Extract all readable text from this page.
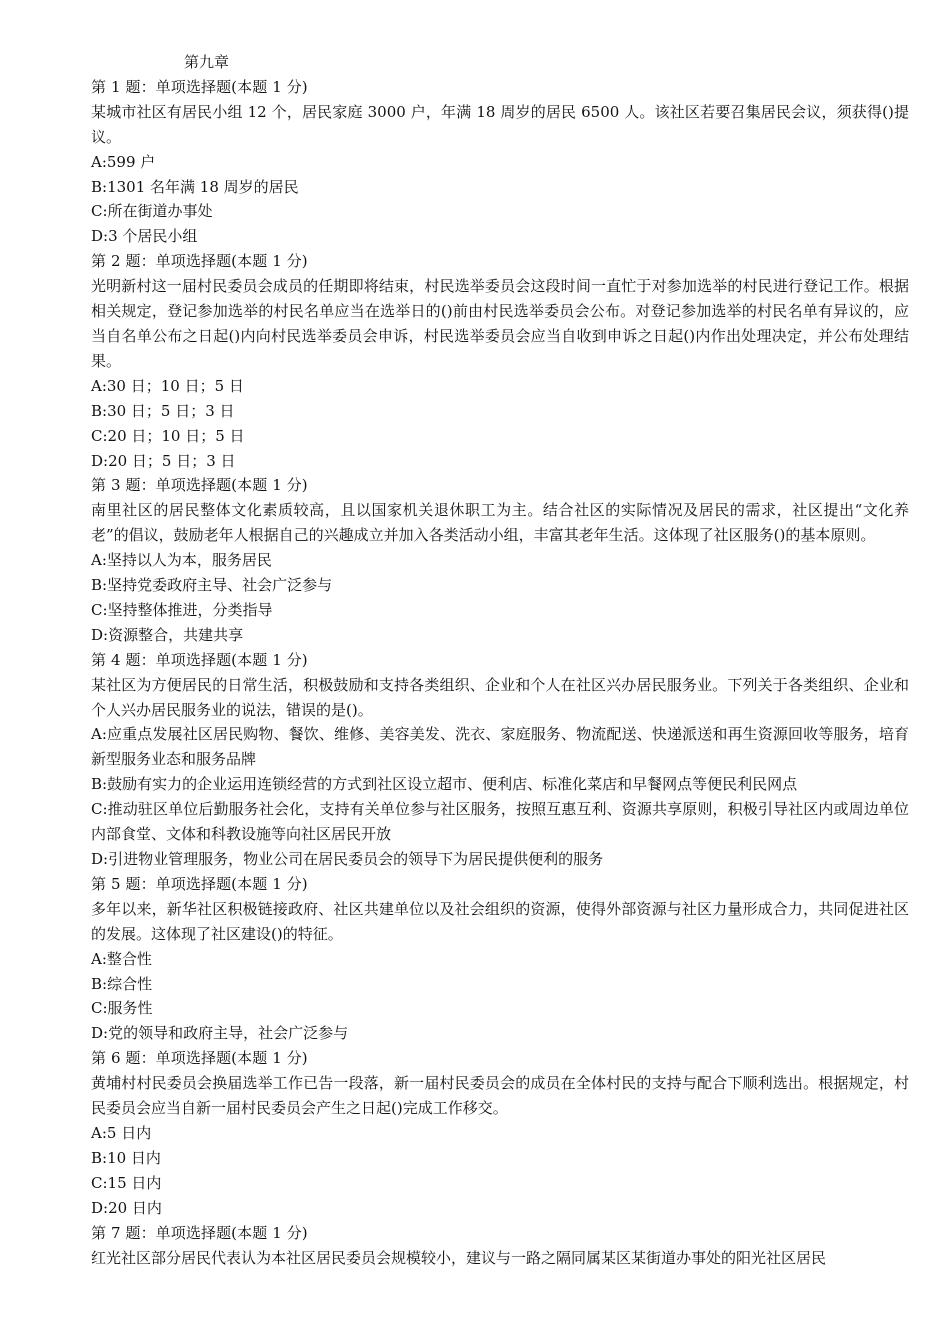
第九章

第 1 题：单项选择题(本题 1 分)

某城市社区有居民小组 12 个，居民家庭 3000 户，年满 18 周岁的居民 6500 人。该社区若要召集居民会议，须获得()提议。

A:599 户

B:1301 名年满 18 周岁的居民

C:所在街道办事处

D:3 个居民小组

第 2 题：单项选择题(本题 1 分)

光明新村这一届村民委员会成员的任期即将结束，村民选举委员会这段时间一直忙于对参加选举的村民进行登记工作。根据相关规定，登记参加选举的村民名单应当在选举日的()前由村民选举委员会公布。对登记参加选举的村民名单有异议的，应当自名单公布之日起()内向村民选举委员会申诉，村民选举委员会应当自收到申诉之日起()内作出处理决定，并公布处理结果。

A:30 日；10 日；5 日

B:30 日；5 日；3 日

C:20 日；10 日；5 日

D:20 日；5 日；3 日

第 3 题：单项选择题(本题 1 分)

南里社区的居民整体文化素质较高，且以国家机关退休职工为主。结合社区的实际情况及居民的需求，社区提出“文化养老”的倡议，鼓励老年人根据自己的兴趣成立并加入各类活动小组，丰富其老年生活。这体现了社区服务()的基本原则。

A:坚持以人为本，服务居民

B:坚持党委政府主导、社会广泛参与

C:坚持整体推进，分类指导

D:资源整合，共建共享

第 4 题：单项选择题(本题 1 分)

某社区为方便居民的日常生活，积极鼓励和支持各类组织、企业和个人在社区兴办居民服务业。下列关于各类组织、企业和个人兴办居民服务业的说法，错误的是()。

A:应重点发展社区居民购物、餐饮、维修、美容美发、洗衣、家庭服务、物流配送、快递派送和再生资源回收等服务，培育新型服务业态和服务品牌

B:鼓励有实力的企业运用连锁经营的方式到社区设立超市、便利店、标准化菜店和早餐网点等便民利民网点

C:推动驻区单位后勤服务社会化，支持有关单位参与社区服务，按照互惠互利、资源共享原则，积极引导社区内或周边单位内部食堂、文体和科教设施等向社区居民开放

D:引进物业管理服务，物业公司在居民委员会的领导下为居民提供便利的服务

第 5 题：单项选择题(本题 1 分)

多年以来，新华社区积极链接政府、社区共建单位以及社会组织的资源，使得外部资源与社区力量形成合力，共同促进社区的发展。这体现了社区建设()的特征。

A:整合性

B:综合性

C:服务性

D:党的领导和政府主导，社会广泛参与

第 6 题：单项选择题(本题 1 分)

黄埔村村民委员会换届选举工作已告一段落，新一届村民委员会的成员在全体村民的支持与配合下顺利选出。根据规定，村民委员会应当自新一届村民委员会产生之日起()完成工作移交。

A:5 日内

B:10 日内

C:15 日内

D:20 日内

第 7 题：单项选择题(本题 1 分)

红光社区部分居民代表认为本社区居民委员会规模较小，建议与一路之隔同属某区某街道办事处的阳光社区居民
